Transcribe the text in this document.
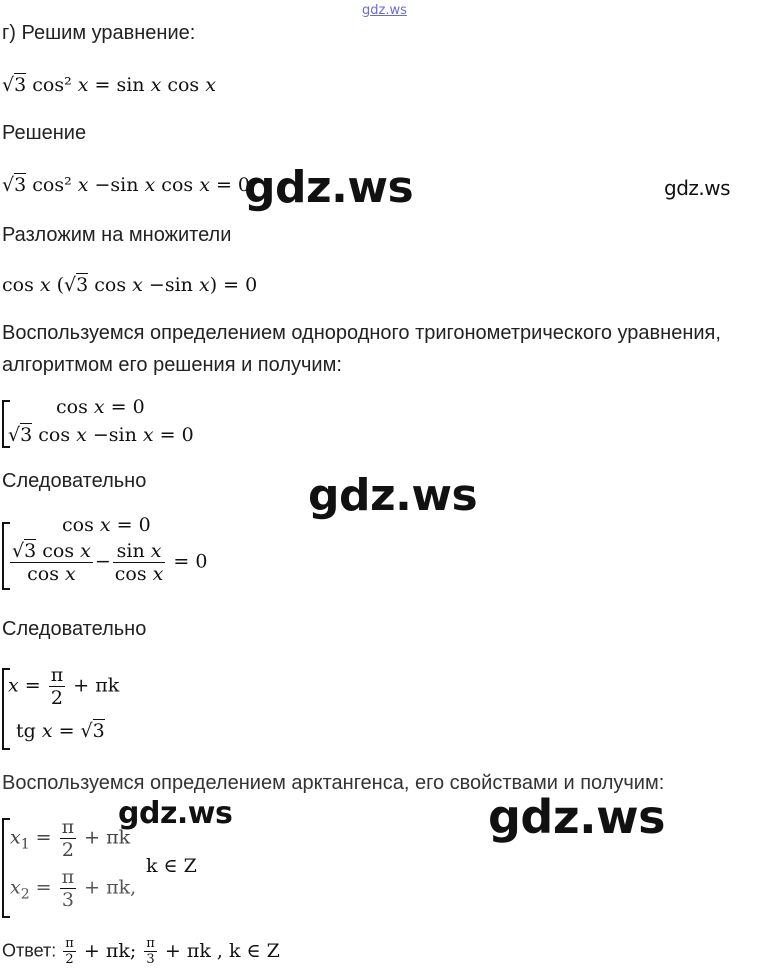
gdz.ws
г) Решим уравнение:
√3 cos² x = sin x cos x
Решение
√3 cos² x −sin x cos x = 0
gdz.ws	gdz.ws
Разложим на множители
cos x (√3 cos x −sin x) = 0
Воспользуемся определением однородного тригонометрического уравнения,
алгоритмом его решения и получим:
cos x = 0
√3 cos x −sin x = 0
Следовательно	gdz.ws
cos x = 0
$\frac{\text{√3 cos x}}{\text{cos x}} - \frac{\text{sin x}}{\text{cos x}} = 0$
Следовательно
$x = \frac{\pi}{2} + \pi k$
tg x = √3
Воспользуемся определением арктангенса, его свойствами и получим:
gdz.ws	gdz.ws
$x_1 = \frac{\pi}{2} + \pi k$
k ∈ Z
$x_2 = \frac{\pi}{3} + \pi k$,
Ответ: $\frac{\pi}{2} + \pi k$; $\frac{\pi}{3} + \pi k$ , k ∈ Z
